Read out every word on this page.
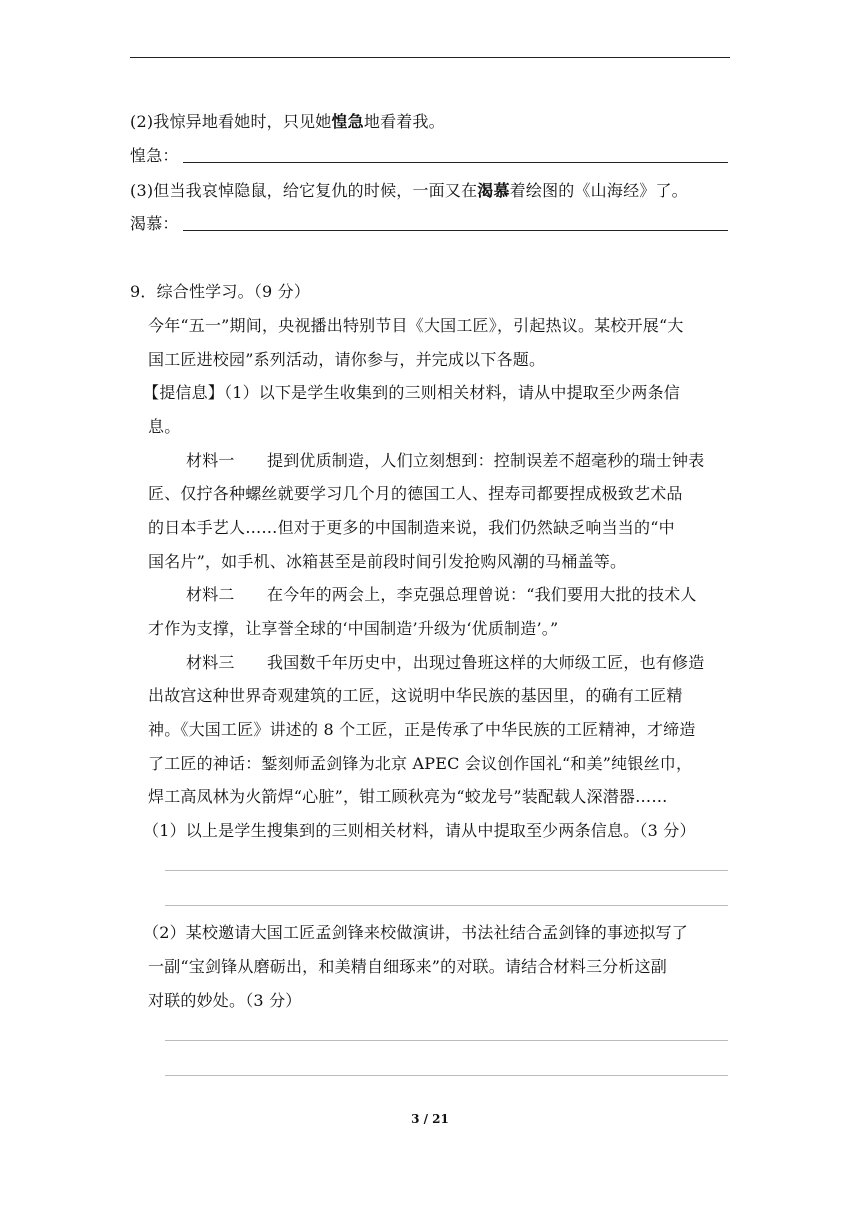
(2)我惊异地看她时，只见她惶急地看着我。
惶急：
(3)但当我哀悼隐鼠，给它复仇的时候，一面又在渴慕着绘图的《山海经》了。
渴慕：
9．综合性学习。（9 分）
今年“五一”期间，央视播出特别节目《大国工匠》，引起热议。某校开展“大
国工匠进校园”系列活动，请你参与，并完成以下各题。
【提信息】（1）以下是学生收集到的三则相关材料，请从中提取至少两条信
息。
材料一　　提到优质制造，人们立刻想到：控制误差不超毫秒的瑞士钟表
匠、仅拧各种螺丝就要学习几个月的德国工人、捏寿司都要捏成极致艺术品
的日本手艺人……但对于更多的中国制造来说，我们仍然缺乏响当当的“中
国名片”，如手机、冰箱甚至是前段时间引发抢购风潮的马桶盖等。
材料二　　在今年的两会上，李克强总理曾说：“我们要用大批的技术人
才作为支撑，让享誉全球的‘中国制造’升级为‘优质制造’。”
材料三　　我国数千年历史中，出现过鲁班这样的大师级工匠，也有修造
出故宫这种世界奇观建筑的工匠，这说明中华民族的基因里，的确有工匠精
神。《大国工匠》讲述的 8 个工匠，正是传承了中华民族的工匠精神，才缔造
了工匠的神话：錾刻师孟剑锋为北京 APEC 会议创作国礼“和美”纯银丝巾，
焊工高凤林为火箭焊“心脏”，钳工顾秋亮为“蛟龙号”装配载人深潜器……
（1）以上是学生搜集到的三则相关材料，请从中提取至少两条信息。（3 分）
（2）某校邀请大国工匠孟剑锋来校做演讲，书法社结合孟剑锋的事迹拟写了
一副“宝剑锋从磨砺出，和美精自细琢来”的对联。请结合材料三分析这副
对联的妙处。（3 分）
3 / 21
